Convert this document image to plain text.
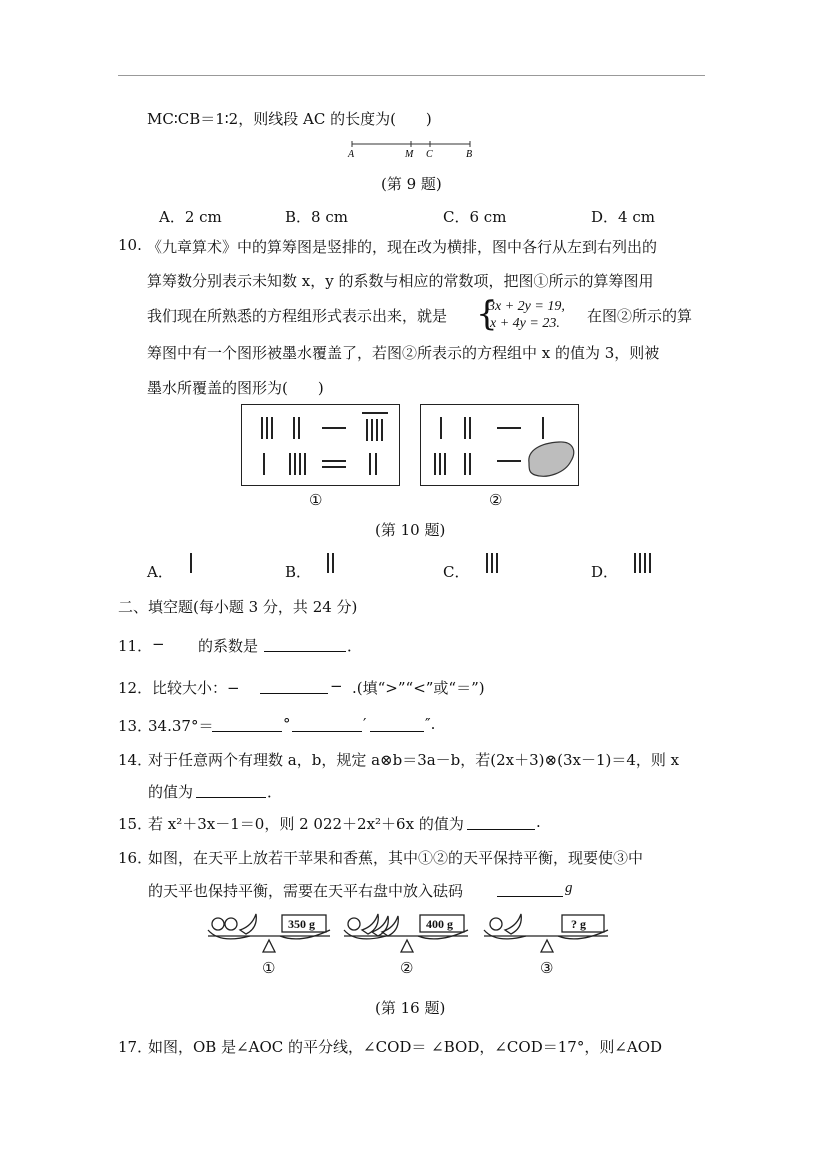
MC∶CB＝1∶2，则线段 AC 的长度为(　　)
A	M C	B
(第 9 题)
A．2 cm	B．8 cm	C．6 cm	D．4 cm
10. 《九章算术》中的算筹图是竖排的，现在改为横排，图中各行从左到右列出的
算筹数分别表示未知数 x，y 的系数与相应的常数项，把图①所示的算筹图用
我们现在所熟悉的方程组形式表示出来，就是 {
3x + 2y = 19,
x + 4y = 23. 在图②所示的算
筹图中有一个图形被墨水覆盖了，若图②所表示的方程组中 x 的值为 3，则被
墨水所覆盖的图形为(　　)
①	②
(第 10 题)
A．	B．	C．	D．
二、填空题(每小题 3 分，共 24 分)
11． − 的系数是	．
12． 比较大小：−	− .(填“>”“<”或“＝”)
13．
34.37°＝	°	′	″.
14．
对于任意两个有理数 a，b，规定 a⊗b＝3a－b，若(2x＋3)⊗(3x－1)＝4，则 x
的值为	．
15．
若 x²＋3x－1＝0，则 2 022＋2x²＋6x 的值为	.
16．
如图，在天平上放若干苹果和香蕉，其中①②的天平保持平衡，现要使③中
的天平也保持平衡，需要在天平右盘中放入砝码	g
350 g	400 g	? g
①	②	③
(第 16 题)
17．
如图，OB 是∠AOC 的平分线，∠COD＝ ∠BOD，∠COD＝17°，则∠AOD
